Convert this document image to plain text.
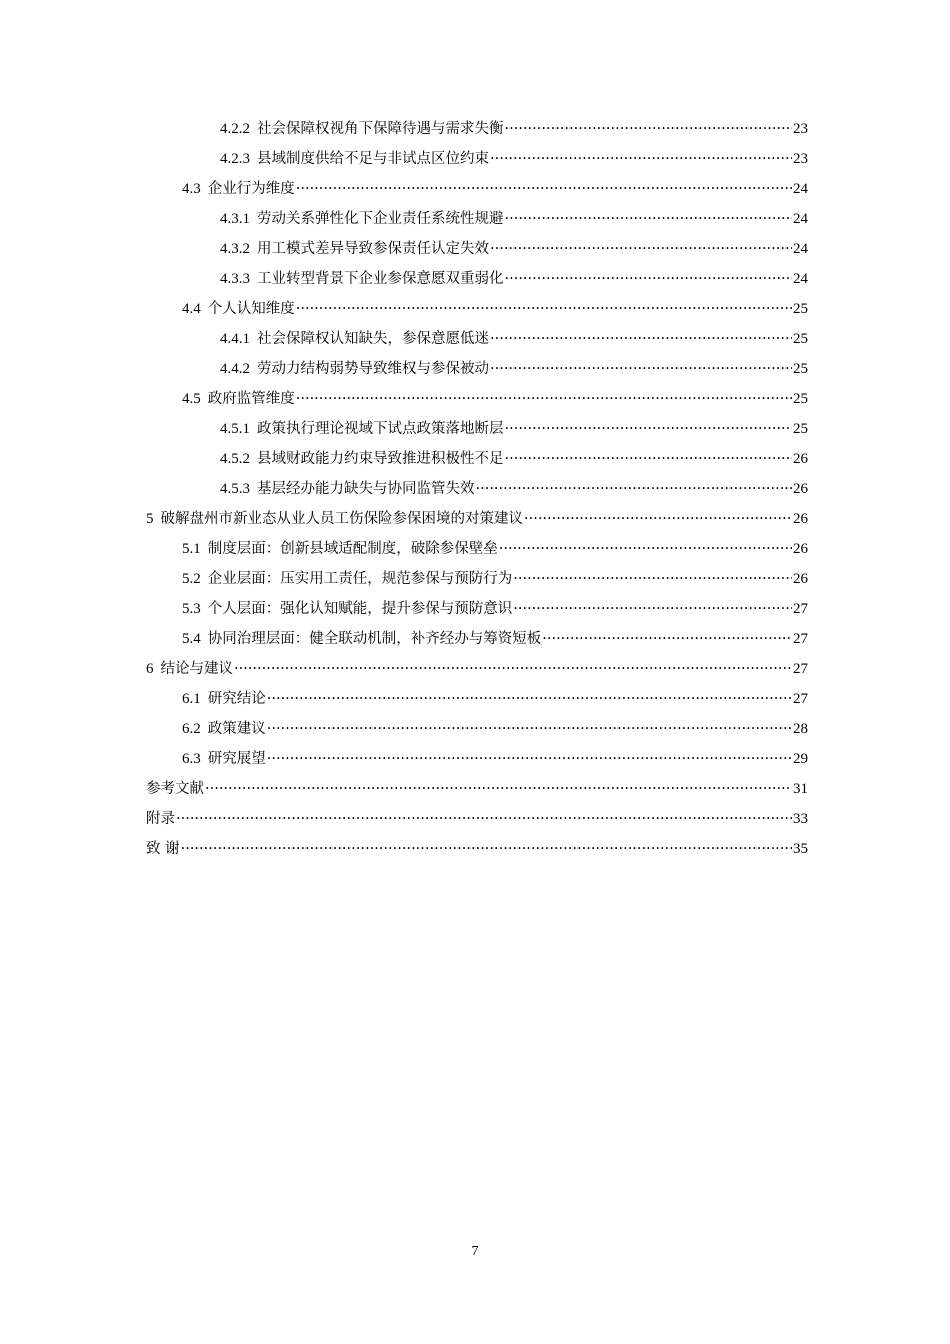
4.2.2 社会保障权视角下保障待遇与需求失衡 ·····	23
4.2.3 县域制度供给不足与非试点区位约束 ·····	23
4.3 企业行为维度 ·····	24
4.3.1 劳动关系弹性化下企业责任系统性规避 ·····	24
4.3.2 用工模式差异导致参保责任认定失效 ·····	24
4.3.3 工业转型背景下企业参保意愿双重弱化 ·····	24
4.4 个人认知维度 ·····	25
4.4.1 社会保障权认知缺失，参保意愿低迷 ·····	25
4.4.2 劳动力结构弱势导致维权与参保被动 ·····	25
4.5 政府监管维度 ·····	25
4.5.1 政策执行理论视域下试点政策落地断层 ·····	25
4.5.2 县域财政能力约束导致推进积极性不足 ·····	26
4.5.3 基层经办能力缺失与协同监管失效 ·····	26
5 破解盘州市新业态从业人员工伤保险参保困境的对策建议 ·····	26
5.1 制度层面：创新县域适配制度，破除参保壁垒 ·····	26
5.2 企业层面：压实用工责任，规范参保与预防行为 ·····	26
5.3 个人层面：强化认知赋能，提升参保与预防意识 ·····	27
5.4 协同治理层面：健全联动机制，补齐经办与筹资短板 ·····	27
6 结论与建议 ·····	27
6.1 研究结论 ·····	27
6.2 政策建议 ·····	28
6.3 研究展望 ·····	29
参考文献 ·····	31
附录 ·····	33
致 谢 ·····	35
7
